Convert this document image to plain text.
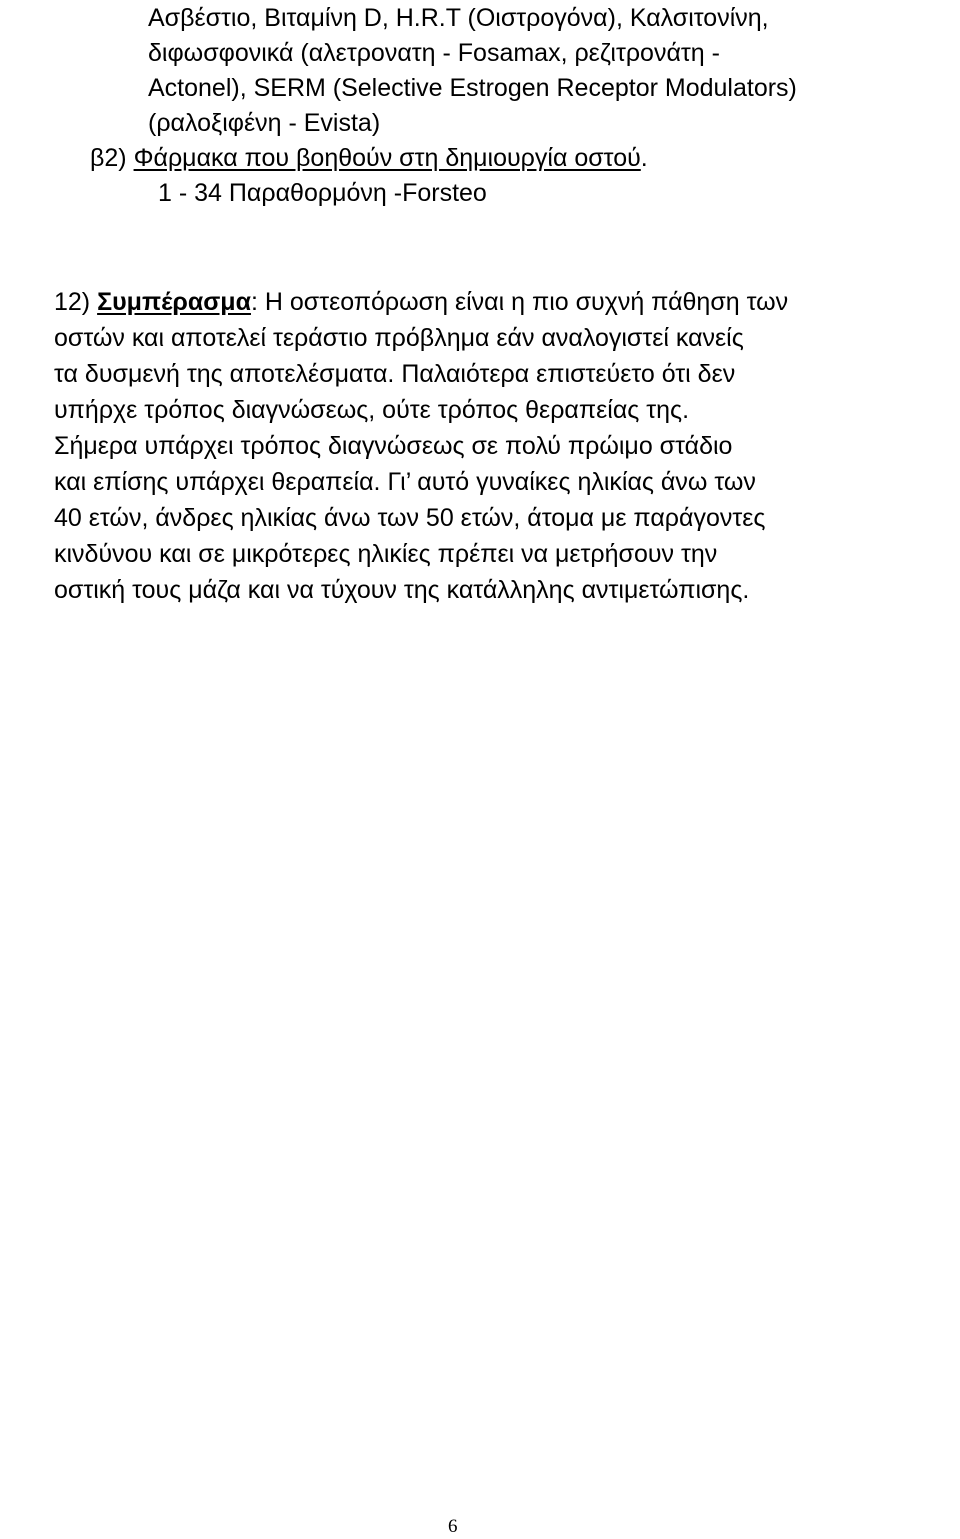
Ασβέστιο, Βιταμίνη D, H.R.T (Οιστρογόνα), Καλσιτονίνη,

διφωσφονικά (αλετρονατη - Fosamax, ρεζιτρονάτη -

Actonel), SERM (Selective Estrogen Receptor Modulators)

(ραλοξιφένη - Evista)

β2) Φάρμακα που βοηθούν στη δημιουργία οστού.

1 - 34 Παραθορμόνη -Forsteo

12) Συμπέρασμα: Η οστεοπόρωση είναι η πιο συχνή πάθηση των

οστών και αποτελεί τεράστιο πρόβλημα εάν αναλογιστεί κανείς

τα δυσμενή της αποτελέσματα. Παλαιότερα επιστεύετο ότι δεν

υπήρχε τρόπος διαγνώσεως, ούτε τρόπος θεραπείας της.

Σήμερα υπάρχει τρόπος διαγνώσεως σε πολύ πρώιμο στάδιο

και επίσης υπάρχει θεραπεία. Γι’ αυτό γυναίκες ηλικίας άνω των

40 ετών, άνδρες ηλικίας άνω των 50 ετών, άτομα με παράγοντες

κινδύνου και σε μικρότερες ηλικίες πρέπει να μετρήσουν την

οστική τους μάζα και να τύχουν της κατάλληλης αντιμετώπισης.

6
